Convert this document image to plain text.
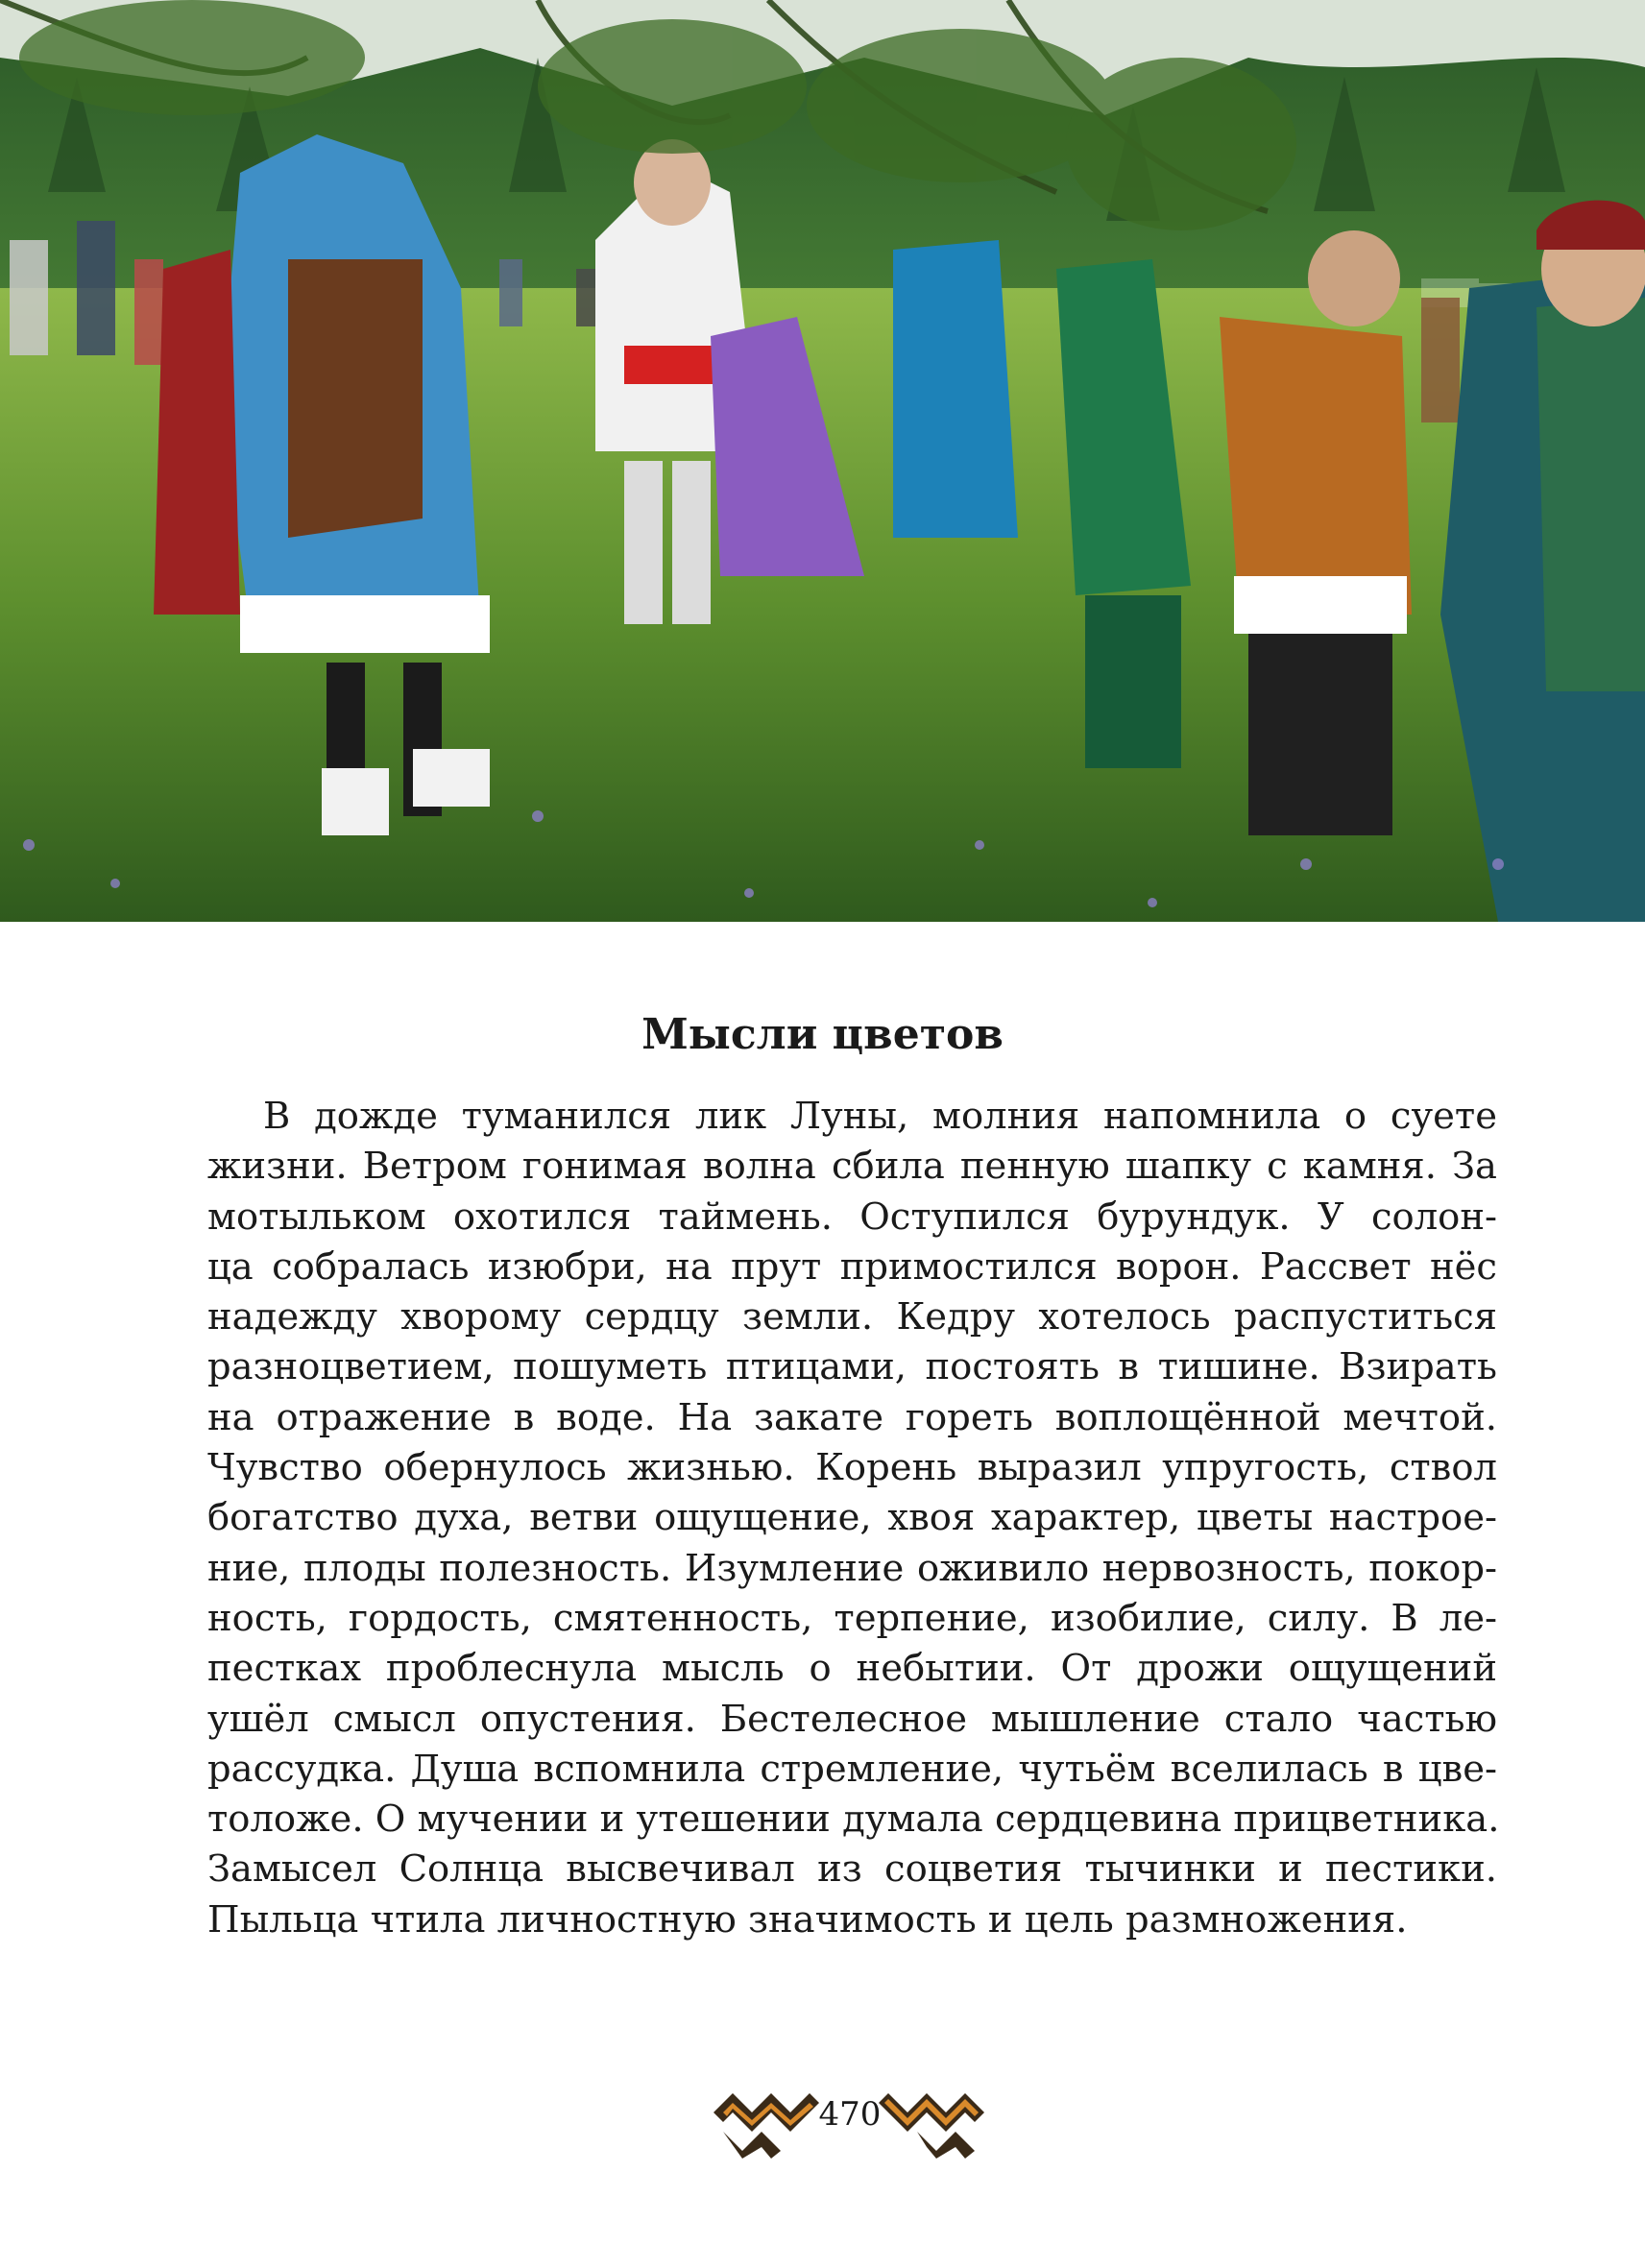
Мысли цветов
В дожде туманился лик Луны, молния напомнила о суете
жизни. Ветром гонимая волна сбила пенную шапку с камня. За
мотыльком охотился таймень. Оступился бурундук. У солон-
ца собралась изюбри, на прут примостился ворон. Рассвет нёс
надежду хворому сердцу земли. Кедру хотелось распуститься
разноцветием, пошуметь птицами, постоять в тишине. Взирать
на отражение в воде. На закате гореть воплощённой мечтой.
Чувство обернулось жизнью. Корень выразил упругость, ствол
богатство духа, ветви ощущение, хвоя характер, цветы настрое-
ние, плоды полезность. Изумление оживило нервозность, покор-
ность, гордость, смятенность, терпение, изобилие, силу. В ле-
пестках проблеснула мысль о небытии. От дрожи ощущений
ушёл смысл опустения. Бестелесное мышление стало частью
рассудка. Душа вспомнила стремление, чутьём вселилась в цве-
толоже. О мучении и утешении думала сердцевина прицветника.
Замысел Солнца высвечивал из соцветия тычинки и пестики.
Пыльца чтила личностную значимость и цель размножения.
470
